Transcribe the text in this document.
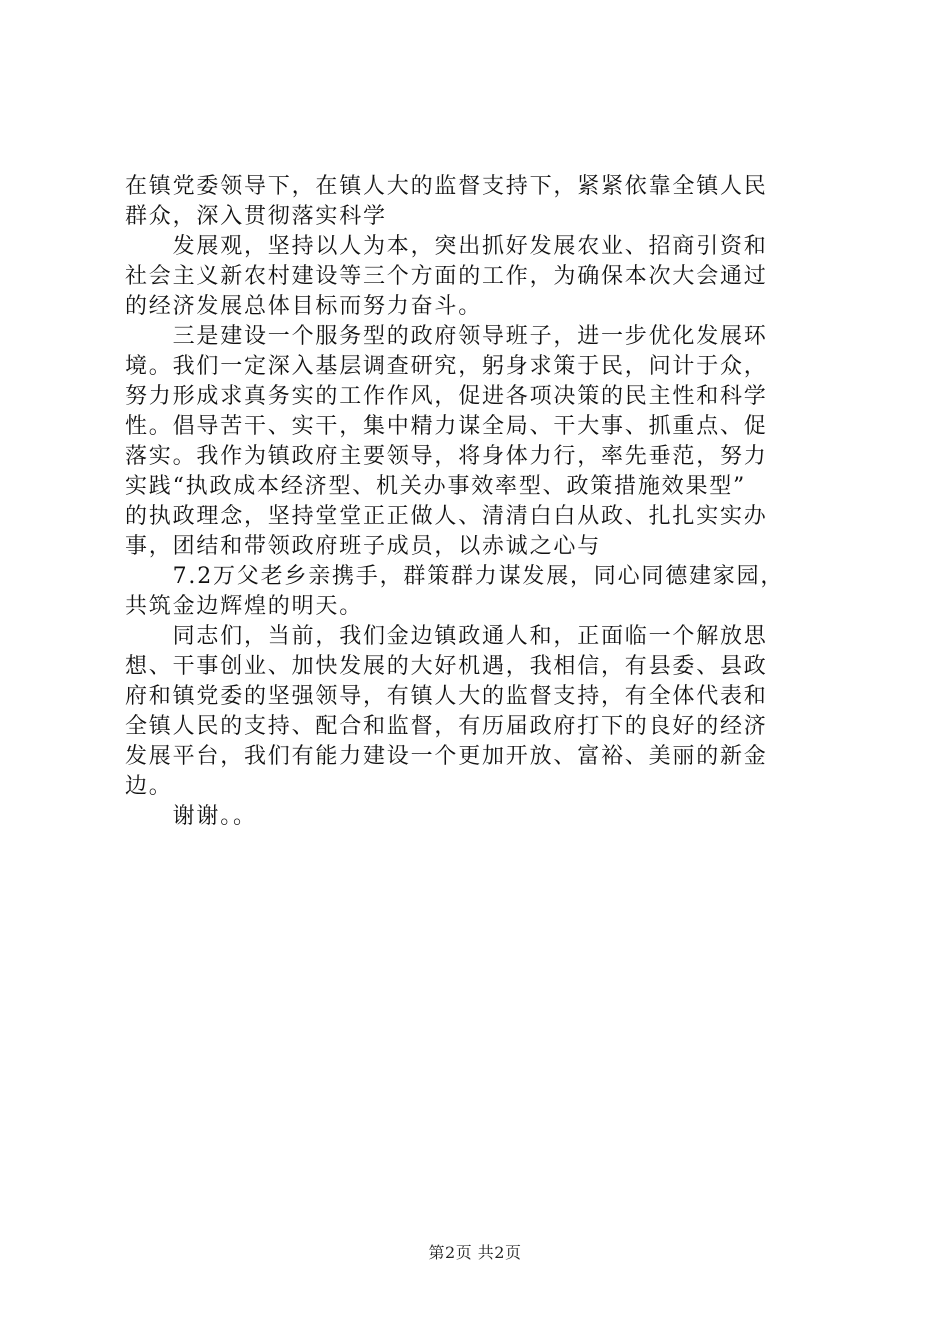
在镇党委领导下，在镇人大的监督支持下，紧紧依靠全镇人民
群众，深入贯彻落实科学
　　发展观，坚持以人为本，突出抓好发展农业、招商引资和
社会主义新农村建设等三个方面的工作，为确保本次大会通过
的经济发展总体目标而努力奋斗。
　　三是建设一个服务型的政府领导班子，进一步优化发展环
境。我们一定深入基层调查研究，躬身求策于民，问计于众，
努力形成求真务实的工作作风，促进各项决策的民主性和科学
性。倡导苦干、实干，集中精力谋全局、干大事、抓重点、促
落实。我作为镇政府主要领导，将身体力行，率先垂范，努力
实践“执政成本经济型、机关办事效率型、政策措施效果型”
的执政理念，坚持堂堂正正做人、清清白白从政、扎扎实实办
事，团结和带领政府班子成员，以赤诚之心与
　　7.2万父老乡亲携手，群策群力谋发展，同心同德建家园，
共筑金边辉煌的明天。
　　同志们，当前，我们金边镇政通人和，正面临一个解放思
想、干事创业、加快发展的大好机遇，我相信，有县委、县政
府和镇党委的坚强领导，有镇人大的监督支持，有全体代表和
全镇人民的支持、配合和监督，有历届政府打下的良好的经济
发展平台，我们有能力建设一个更加开放、富裕、美丽的新金
边。
　　谢谢。。
第2页 共2页
